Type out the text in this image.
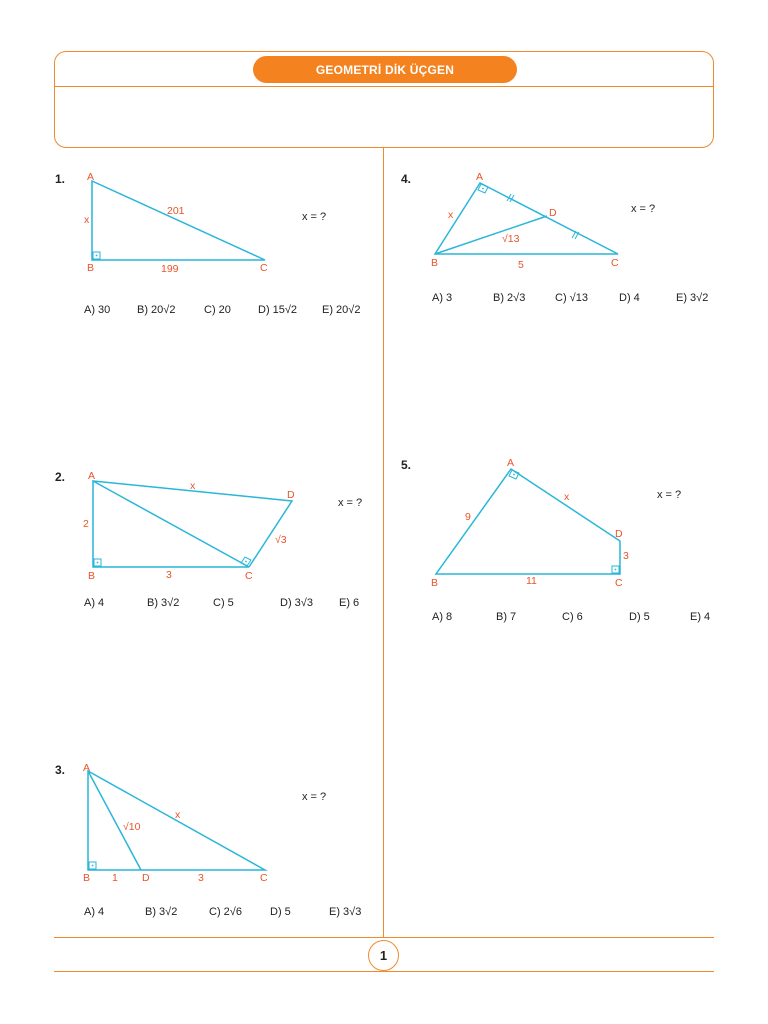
GEOMETRİ DİK ÜÇGEN
1.
x = ?
A
B	C
201
199
x
A) 30 B) 20√2	C) 20 D) 15√2 E) 20√2
2.
x = ?
A
B	C
D
2
3
x
√3
A) 4	B) 3√2	C) 5	D) 3√3 E) 6
3.
x = ?
A
B	C
D
√10
x
1	3
A) 4	B) 3√2	C) 2√6	D) 5	E) 3√3
4.
x = ?
A
B	C
D
x
√13
5
A) 3	B) 2√3	C) √13	D) 4	E) 3√2
5.
x = ?
A
B	C
D
9
x
3
11
A) 8	B) 7	C) 6	D) 5	E) 4
1
